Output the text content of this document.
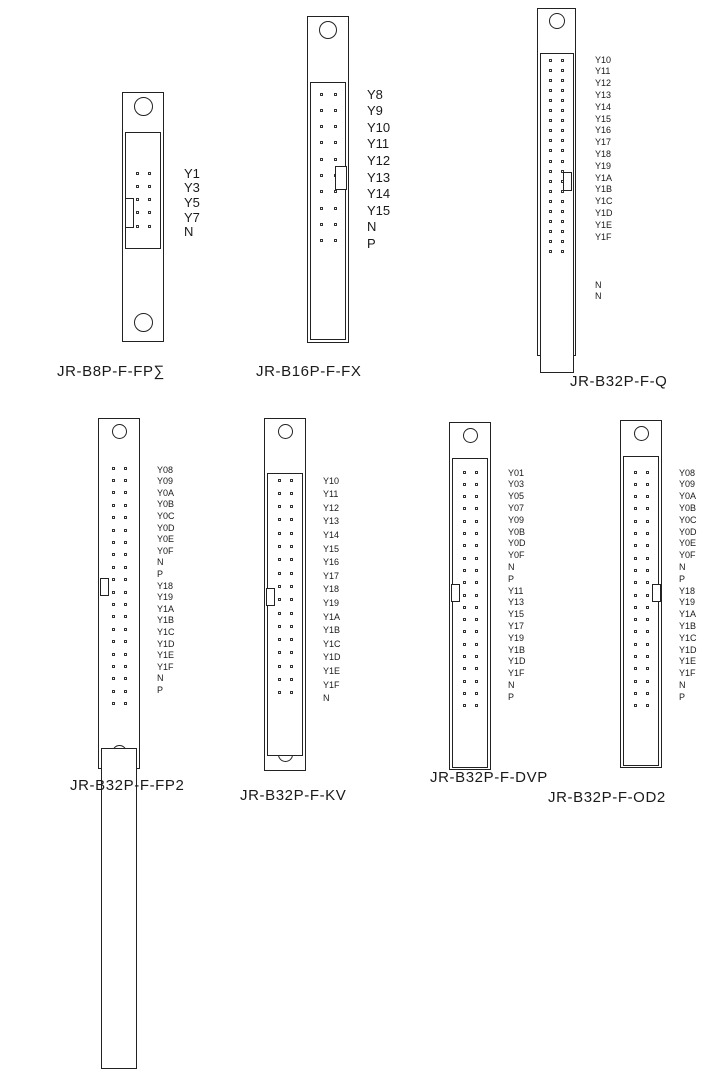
Y1
Y3
Y5
Y7
N
JR-B8P-F-FP∑
Y8
Y9
Y10
Y11
Y12
Y13
Y14
Y15
N
P
JR-B16P-F-FX
Y10
Y11
Y12
Y13
Y14
Y15
Y16
Y17
Y18
Y19
Y1A
Y1B
Y1C
Y1D
Y1E
Y1F
N
N
JR-B32P-F-Q
Y08
Y09
Y0A
Y0B
Y0C
Y0D
Y0E
Y0F
N
P
Y18
Y19
Y1A
Y1B
Y1C
Y1D
Y1E
Y1F
N
P
JR-B32P-F-FP2
Y10
Y11
Y12
Y13
Y14
Y15
Y16
Y17
Y18
Y19
Y1A
Y1B
Y1C
Y1D
Y1E
Y1F
N
JR-B32P-F-KV
Y01
Y03
Y05
Y07
Y09
Y0B
Y0D
Y0F
N
P
Y11
Y13
Y15
Y17
Y19
Y1B
Y1D
Y1F
N
P
JR-B32P-F-DVP
Y08
Y09
Y0A
Y0B
Y0C
Y0D
Y0E
Y0F
N
P
Y18
Y19
Y1A
Y1B
Y1C
Y1D
Y1E
Y1F
N
P
JR-B32P-F-OD2
